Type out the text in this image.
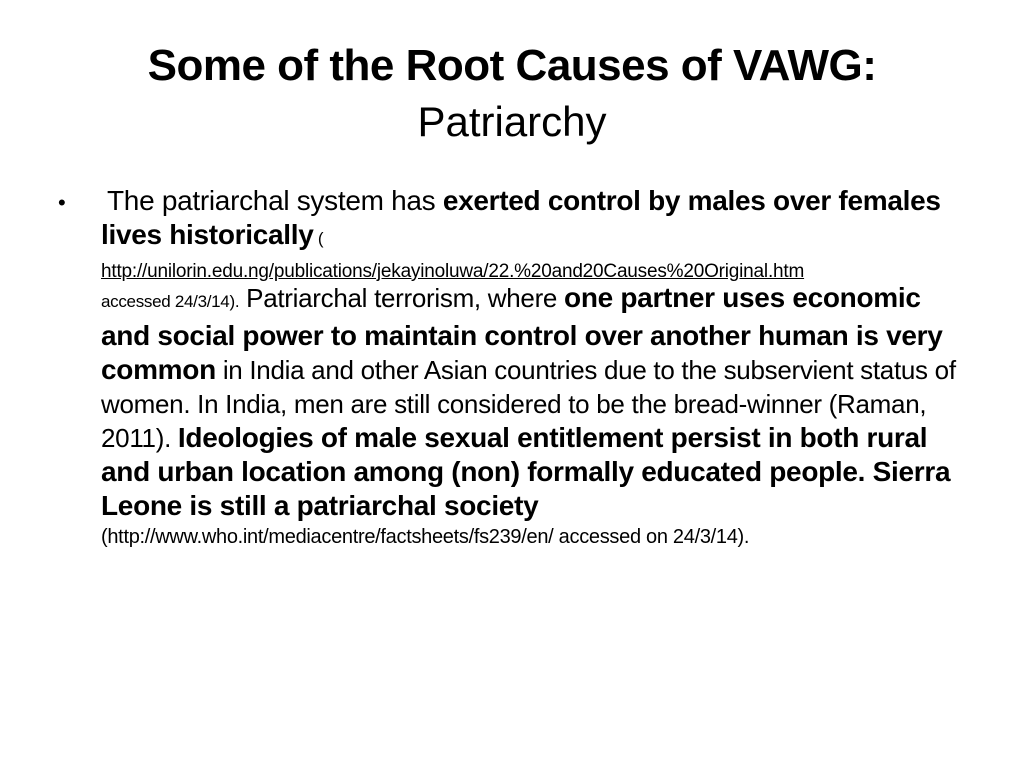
Some of the Root Causes of VAWG:
Patriarchy
• The patriarchal system has exerted control by males over females lives historically (
http://unilorin.edu.ng/publications/jekayinoluwa/22.%20and20Causes%20Original.htm
accessed 24/3/14). Patriarchal terrorism, where one partner uses economic and social power to maintain control over another human is very common in India and other Asian countries due to the subservient status of women. In India, men are still considered to be the bread-winner (Raman, 2011). Ideologies of male sexual entitlement persist in both rural and urban location among (non) formally educated people. Sierra Leone is still a patriarchal society
(http://www.who.int/mediacentre/factsheets/fs239/en/ accessed on 24/3/14).
